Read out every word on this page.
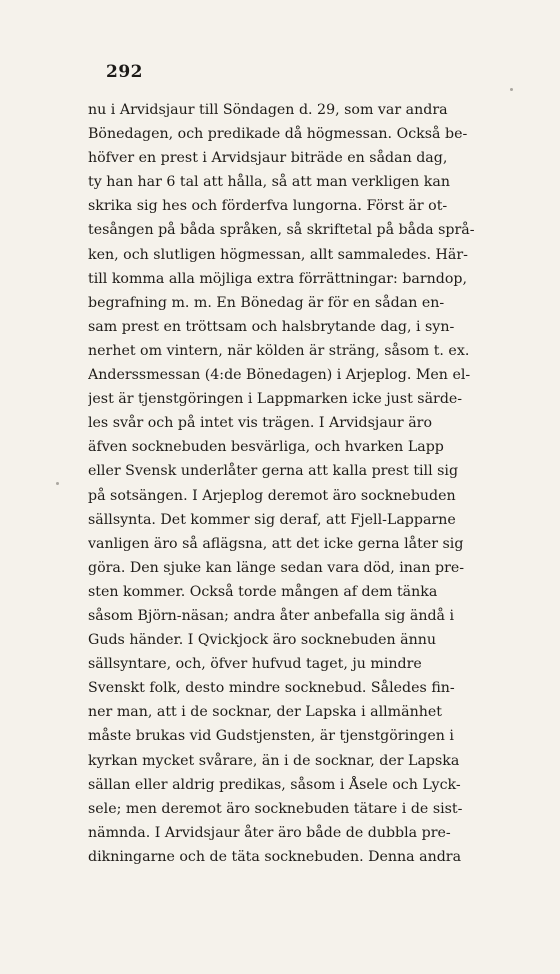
292
nu i Arvidsjaur till Söndagen d. 29, som var andra
Bönedagen, och predikade då högmessan. Också be-
höfver en prest i Arvidsjaur biträde en sådan dag,
ty han har 6 tal att hålla, så att man verkligen kan
skrika sig hes och förderfva lungorna. Först är ot-
tesången på båda språken, så skriftetal på båda språ-
ken, och slutligen högmessan, allt sammaledes. Här-
till komma alla möjliga extra förrättningar: barndop,
begrafning m. m. En Bönedag är för en sådan en-
sam prest en tröttsam och halsbrytande dag, i syn-
nerhet om vintern, när kölden är sträng, såsom t. ex.
Anderssmessan (4:de Bönedagen) i Arjeplog. Men el-
jest är tjenstgöringen i Lappmarken icke just särde-
les svår och på intet vis trägen. I Arvidsjaur äro
äfven socknebuden besvärliga, och hvarken Lapp
eller Svensk underlåter gerna att kalla prest till sig
på sotsängen. I Arjeplog deremot äro socknebuden
sällsynta. Det kommer sig deraf, att Fjell-Lapparne
vanligen äro så aflägsna, att det icke gerna låter sig
göra. Den sjuke kan länge sedan vara död, inan pre-
sten kommer. Också torde mången af dem tänka
såsom Björn-näsan; andra åter anbefalla sig ändå i
Guds händer. I Qvickjock äro socknebuden ännu
sällsyntare, och, öfver hufvud taget, ju mindre
Svenskt folk, desto mindre socknebud. Således fin-
ner man, att i de socknar, der Lapska i allmänhet
måste brukas vid Gudstjensten, är tjenstgöringen i
kyrkan mycket svårare, än i de socknar, der Lapska
sällan eller aldrig predikas, såsom i Åsele och Lyck-
sele; men deremot äro socknebuden tätare i de sist-
nämnda. I Arvidsjaur åter äro både de dubbla pre-
dikningarne och de täta socknebuden. Denna andra
